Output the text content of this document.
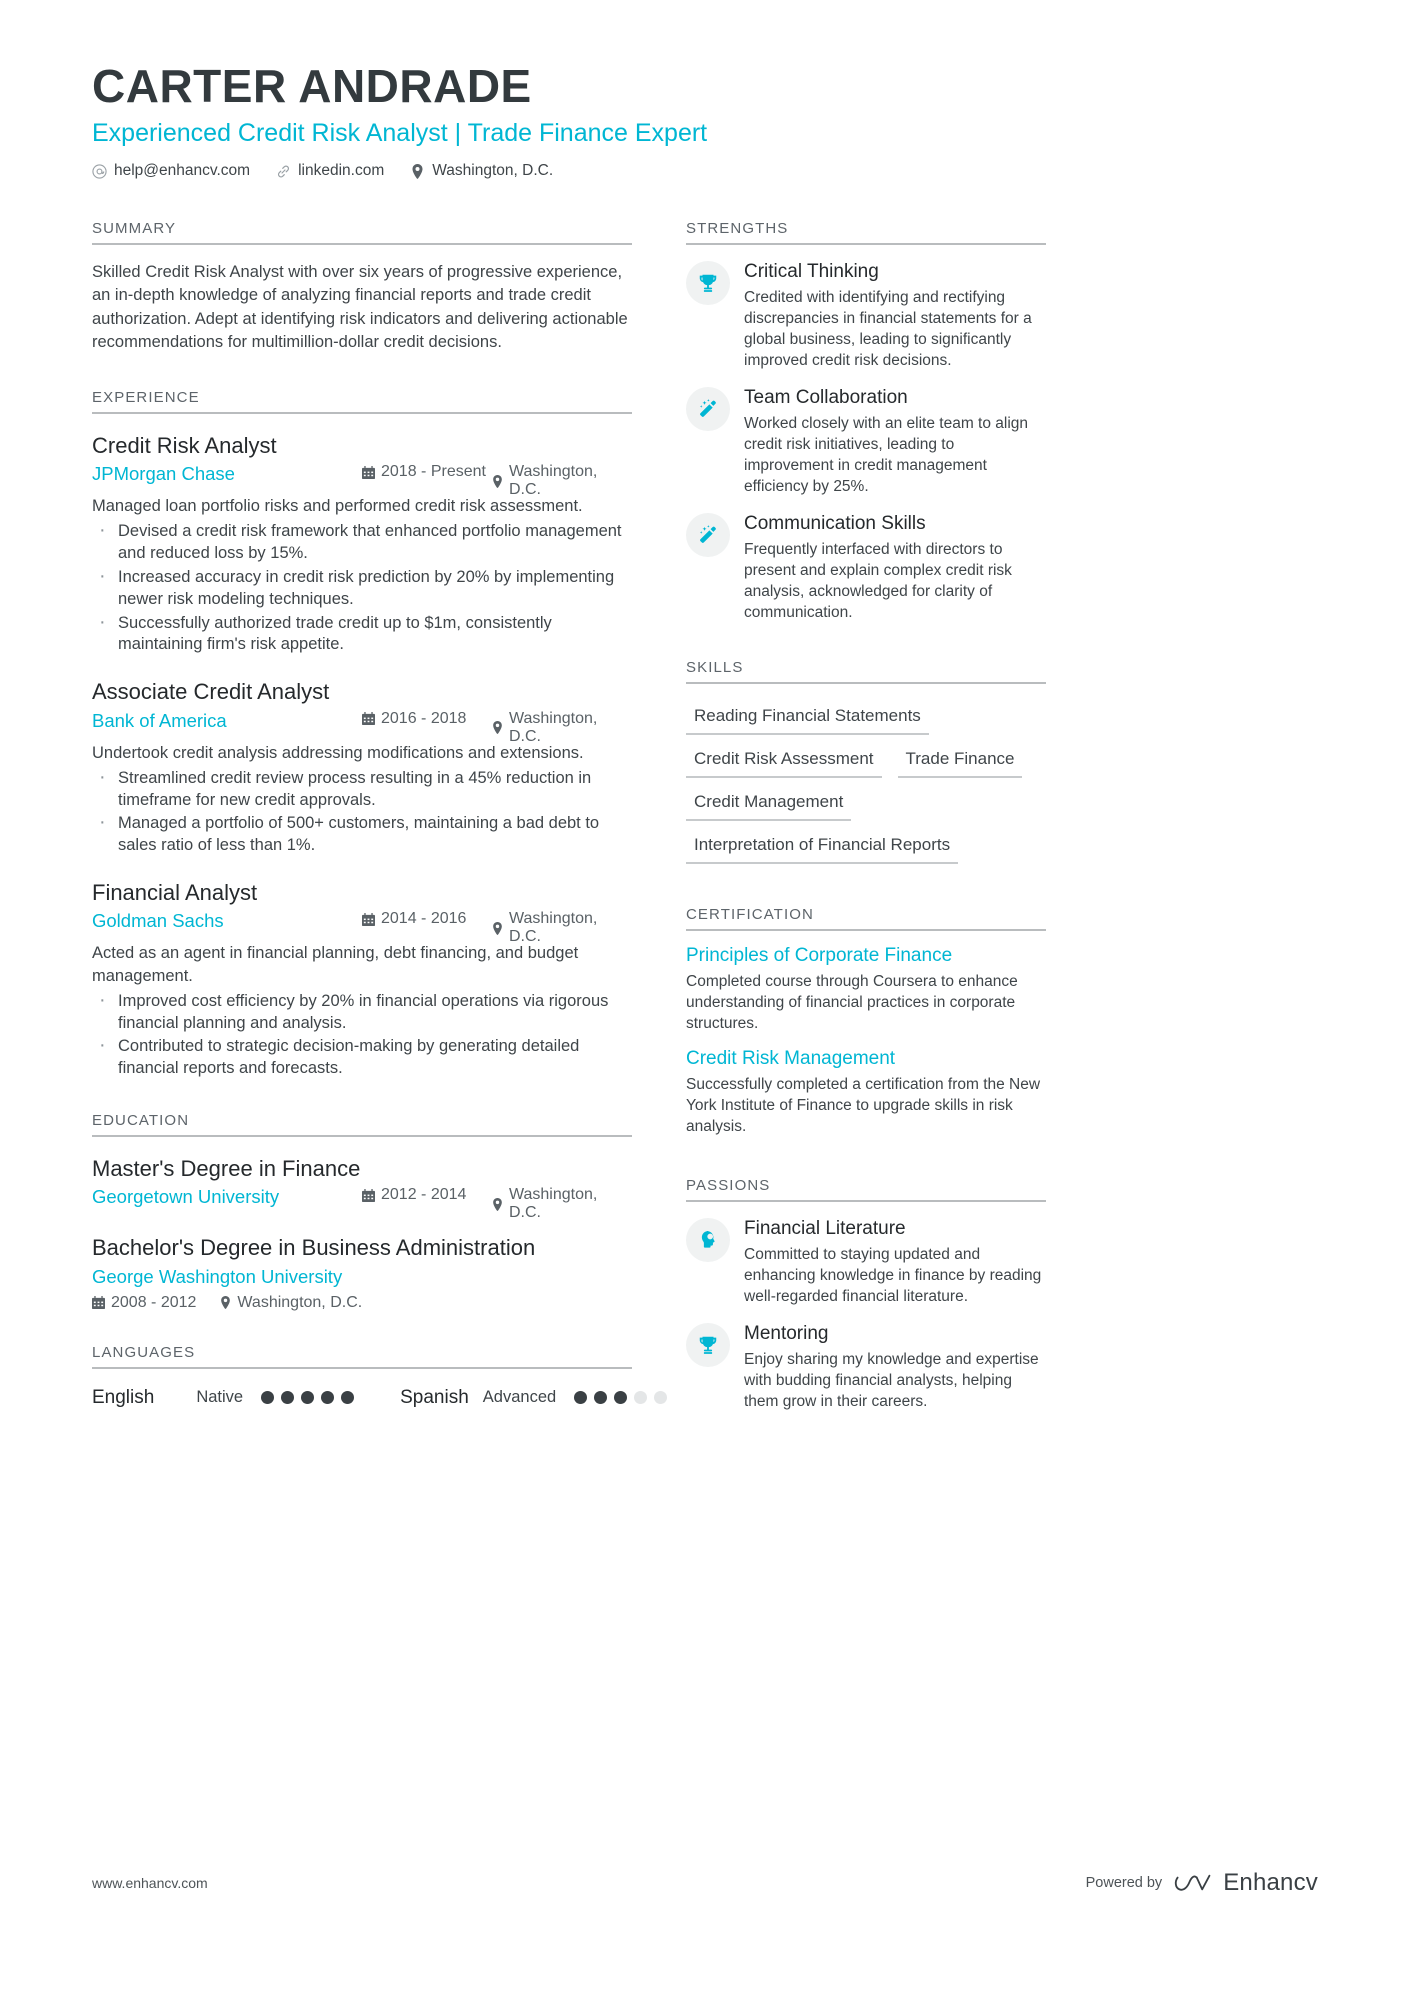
CARTER ANDRADE
Experienced Credit Risk Analyst | Trade Finance Expert
help@enhancv.com	linkedin.com	Washington, D.C.
SUMMARY
Skilled Credit Risk Analyst with over six years of progressive experience, an in-depth knowledge of analyzing financial reports and trade credit authorization. Adept at identifying risk indicators and delivering actionable recommendations for multimillion-dollar credit decisions.
EXPERIENCE
Credit Risk Analyst
JPMorgan Chase	2018 - Present Washington, D.C.
Managed loan portfolio risks and performed credit risk assessment.
· Devised a credit risk framework that enhanced portfolio management and reduced loss by 15%.
· Increased accuracy in credit risk prediction by 20% by implementing newer risk modeling techniques.
· Successfully authorized trade credit up to $1m, consistently maintaining firm's risk appetite.
Associate Credit Analyst
Bank of America	2016 - 2018	Washington, D.C.
Undertook credit analysis addressing modifications and extensions.
· Streamlined credit review process resulting in a 45% reduction in timeframe for new credit approvals.
· Managed a portfolio of 500+ customers, maintaining a bad debt to sales ratio of less than 1%.
Financial Analyst
Goldman Sachs	2014 - 2016	Washington, D.C.
Acted as an agent in financial planning, debt financing, and budget management.
· Improved cost efficiency by 20% in financial operations via rigorous financial planning and analysis.
· Contributed to strategic decision-making by generating detailed financial reports and forecasts.
EDUCATION
Master's Degree in Finance
Georgetown University	2012 - 2014	Washington, D.C.
Bachelor's Degree in Business Administration
George Washington University
2008 - 2012	Washington, D.C.
LANGUAGES
English	Native	Spanish Advanced
STRENGTHS
Critical Thinking
Credited with identifying and rectifying discrepancies in financial statements for a global business, leading to significantly improved credit risk decisions.
Team Collaboration
Worked closely with an elite team to align credit risk initiatives, leading to improvement in credit management efficiency by 25%.
Communication Skills
Frequently interfaced with directors to present and explain complex credit risk analysis, acknowledged for clarity of communication.
SKILLS
Reading Financial Statements
Credit Risk Assessment	Trade Finance
Credit Management
Interpretation of Financial Reports
CERTIFICATION
Principles of Corporate Finance
Completed course through Coursera to enhance understanding of financial practices in corporate structures.
Credit Risk Management
Successfully completed a certification from the New York Institute of Finance to upgrade skills in risk analysis.
PASSIONS
Financial Literature
Committed to staying updated and enhancing knowledge in finance by reading well-regarded financial literature.
Mentoring
Enjoy sharing my knowledge and expertise with budding financial analysts, helping them grow in their careers.
www.enhancv.com	Powered by	Enhancv
